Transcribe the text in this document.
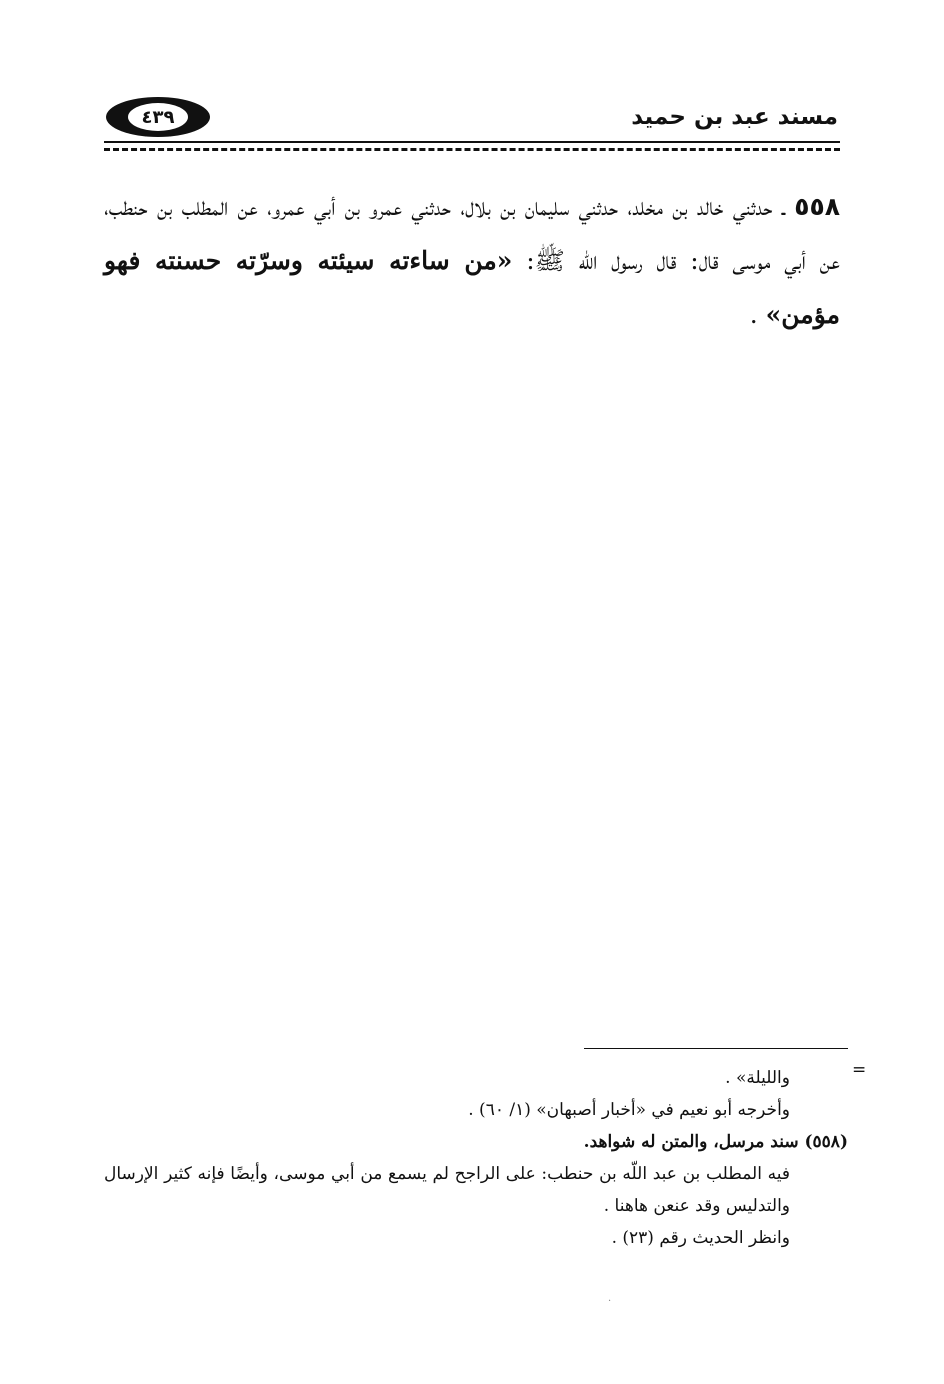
مسند عبد بن حميد
٤٣٩
٥٥٨ ـ حدثني خالد بن مخلد، حدثني سليمان بن بلال، حدثني عمرو بن أبي عمرو، عن المطلب بن حنطب، عن أبي موسى قال: قال رسول اللّه ﷺ: «من ساءته سيئته وسرّته حسنته فهو مؤمن» .
=

والليلة» .

وأخرجه أبو نعيم في «أخبار أصبهان» (١/ ٦٠) .

(٥٥٨) سند مرسل، والمتن له شواهد.

فيه المطلب بن عبد اللّه بن حنطب: على الراجح لم يسمع من أبي موسى، وأيضًا فإنه كثير الإرسال والتدليس وقد عنعن هاهنا .

وانظر الحديث رقم (٢٣) .

·
